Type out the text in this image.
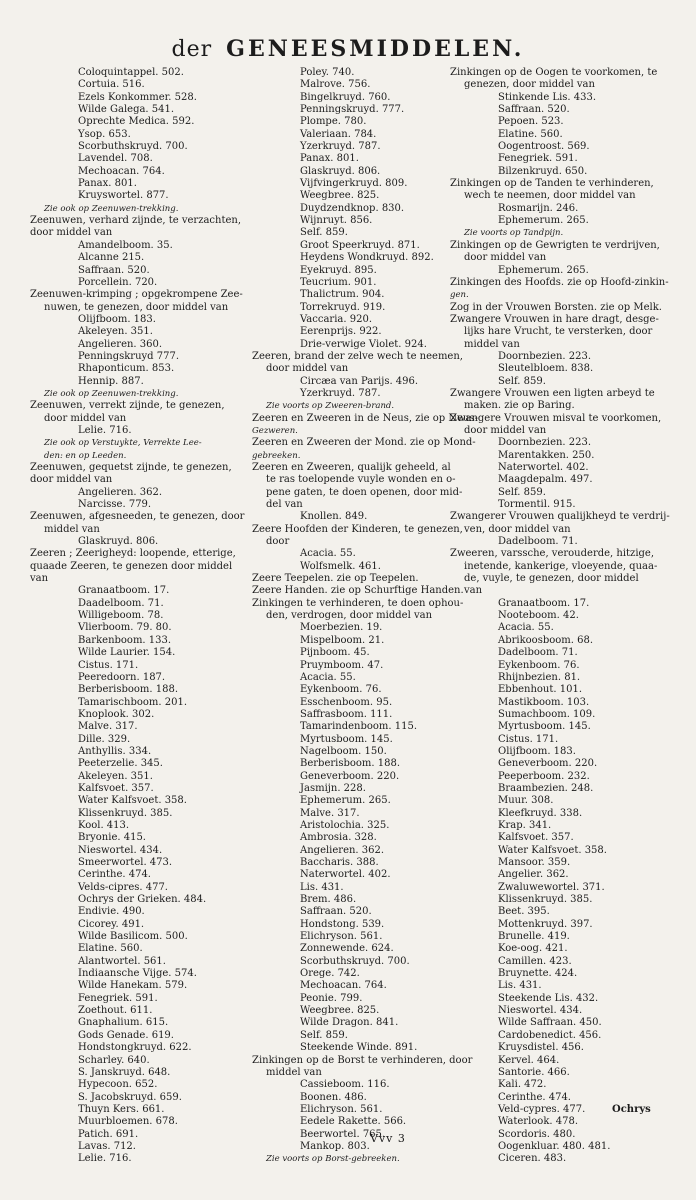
der GENEESMIDDELEN.
Coloquintappel. 502.
Cortuia. 516.
Ezels Konkommer. 528.
Wilde Galega. 541.
Oprechte Medica. 592.
Ysop. 653.
Scorbuthskruyd. 700.
Lavendel. 708.
Mechoacan. 764.
Panax. 801.
Kruyswortel. 877.
Zie ook op Zeenuwen-trekking.
Zeenuwen, verhard zijnde, te verzachten,
door middel van
Amandelboom. 35.
Alcanne 215.
Saffraan. 520.
Porcellein. 720.
Zeenuwen-krimping ; opgekrompene Zee-
nuwen, te genezen, door middel van
Olijfboom. 183.
Akeleyen. 351.
Angelieren. 360.
Penningskruyd 777.
Rhaponticum. 853.
Hennip. 887.
Zie ook op Zeenuwen-trekking.
Zeenuwen, verrekt zijnde, te genezen,
door middel van
Lelie. 716.
Zie ook op Verstuykte, Verrekte Lee-
den: en op Leeden.
Zeenuwen, gequetst zijnde, te genezen,
door middel van
Angelieren. 362.
Narcisse. 779.
Zeenuwen, afgesneeden, te genezen, door
middel van
Glaskruyd. 806.
Zeeren ; Zeerigheyd: loopende, etterige,
quaade Zeeren, te genezen door middel
van
Granaatboom. 17.
Daadelboom. 71.
Willigeboom. 78.
Vlierboom. 79. 80.
Barkenboom. 133.
Wilde Laurier. 154.
Cistus. 171.
Peeredoorn. 187.
Berberisboom. 188.
Tamarischboom. 201.
Knoplook. 302.
Malve. 317.
Dille. 329.
Anthyllis. 334.
Peeterzelie. 345.
Akeleyen. 351.
Kalfsvoet. 357.
Water Kalfsvoet. 358.
Klissenkruyd. 385.
Kool. 413.
Bryonie. 415.
Nieswortel. 434.
Smeerwortel. 473.
Cerinthe. 474.
Velds-cipres. 477.
Ochrys der Grieken. 484.
Endivie. 490.
Cicorey. 491.
Wilde Basilicom. 500.
Elatine. 560.
Alantwortel. 561.
Indiaansche Vijge. 574.
Wilde Hanekam. 579.
Fenegriek. 591.
Zoethout. 611.
Gnaphalium. 615.
Gods Genade. 619.
Hondstongkruyd. 622.
Scharley. 640.
S. Janskruyd. 648.
Hypecoon. 652.
S. Jacobskruyd. 659.
Thuyn Kers. 661.
Muurbloemen. 678.
Patich. 691.
Lavas. 712.
Lelie. 716.
Poley. 740.
Malrove. 756.
Bingelkruyd. 760.
Penningskruyd. 777.
Plompe. 780.
Valeriaan. 784.
Yzerkruyd. 787.
Panax. 801.
Glaskruyd. 806.
Vijfvingerkruyd. 809.
Weegbree. 825.
Duydzendknop. 830.
Wijnruyt. 856.
Self. 859.
Groot Speerkruyd. 871.
Heydens Wondkruyd. 892.
Eyekruyd. 895.
Teucrium. 901.
Thalictrum. 904.
Torrekruyd. 919.
Vaccaria. 920.
Eerenprijs. 922.
Drie-verwige Violet. 924.
Zeeren, brand der zelve wech te neemen,
door middel van
Circæa van Parijs. 496.
Yzerkruyd. 787.
Zie voorts op Zweeren-brand.
Zeeren en Zweeren in de Neus, zie op Neus-
Gezweren.
Zeeren en Zweeren der Mond. zie op Mond-
gebreeken.
Zeeren en Zweeren, qualijk geheeld, al
te ras toelopende vuyle wonden en o-
pene gaten, te doen openen, door mid-
del van
Knollen. 849.
Zeere Hoofden der Kinderen, te genezen,
door
Acacia. 55.
Wolfsmelk. 461.
Zeere Teepelen. zie op Teepelen.
Zeere Handen. zie op Schurftige Handen.
Zinkingen te verhinderen, te doen ophou-
den, verdrogen, door middel van
Moerbezien. 19.
Mispelboom. 21.
Pijnboom. 45.
Pruymboom. 47.
Acacia. 55.
Eykenboom. 76.
Esschenboom. 95.
Saffrasboom. 111.
Tamarindenboom. 115.
Myrtusboom. 145.
Nagelboom. 150.
Berberisboom. 188.
Geneverboom. 220.
Jasmijn. 228.
Ephemerum. 265.
Malve. 317.
Aristolochia. 325.
Ambrosia. 328.
Angelieren. 362.
Baccharis. 388.
Naterwortel. 402.
Lis. 431.
Brem. 486.
Saffraan. 520.
Hondstong. 539.
Elichryson. 561.
Zonnewende. 624.
Scorbuthskruyd. 700.
Orege. 742.
Mechoacan. 764.
Peonie. 799.
Weegbree. 825.
Wilde Dragon. 841.
Self. 859.
Steekende Winde. 891.
Zinkingen op de Borst te verhinderen, door
middel van
Cassieboom. 116.
Boonen. 486.
Elichryson. 561.
Eedele Rakette. 566.
Beerwortel. 765.
Mankop. 803.
Zie voorts op Borst-gebreeken.
Zinkingen op de Oogen te voorkomen, te
genezen, door middel van
Stinkende Lis. 433.
Saffraan. 520.
Pepoen. 523.
Elatine. 560.
Oogentroost. 569.
Fenegriek. 591.
Bilzenkruyd. 650.
Zinkingen op de Tanden te verhinderen,
wech te neemen, door middel van
Rosmarijn. 246.
Ephemerum. 265.
Zie voorts op Tandpijn.
Zinkingen op de Gewrigten te verdrijven,
door middel van
Ephemerum. 265.
Zinkingen des Hoofds. zie op Hoofd-zinkin-
gen.
Zog in der Vrouwen Borsten. zie op Melk.
Zwangere Vrouwen in hare dragt, desge-
lijks hare Vrucht, te versterken, door
middel van
Doornbezien. 223.
Sleutelbloem. 838.
Self. 859.
Zwangere Vrouwen een ligten arbeyd te
maken. zie op Baring.
Zwangere Vrouwen misval te voorkomen,
door middel van
Doornbezien. 223.
Marentakken. 250.
Naterwortel. 402.
Maagdepalm. 497.
Self. 859.
Tormentil. 915.
Zwangerer Vrouwen qualijkheyd te verdrij-
ven, door middel van
Dadelboom. 71.
Zweeren, varssche, verouderde, hitzige,
inetende, kankerige, vloeyende, quaa-
de, vuyle, te genezen, door middel
van
Granaatboom. 17.
Nooteboom. 42.
Acacia. 55.
Abrikoosboom. 68.
Dadelboom. 71.
Eykenboom. 76.
Rhijnbezien. 81.
Ebbenhout. 101.
Mastikboom. 103.
Sumachboom. 109.
Myrtusboom. 145.
Cistus. 171.
Olijfboom. 183.
Geneverboom. 220.
Peeperboom. 232.
Braambezien. 248.
Muur. 308.
Kleefkruyd. 338.
Krap. 341.
Kalfsvoet. 357.
Water Kalfsvoet. 358.
Mansoor. 359.
Angelier. 362.
Zwaluwewortel. 371.
Klissenkruyd. 385.
Beet. 395.
Mottenkruyd. 397.
Brunelle. 419.
Koe-oog. 421.
Camillen. 423.
Bruynette. 424.
Lis. 431.
Steekende Lis. 432.
Nieswortel. 434.
Wilde Saffraan. 450.
Cardobenedict. 456.
Kruysdistel. 456.
Kervel. 464.
Santorie. 466.
Kali. 472.
Cerinthe. 474.
Veld-cypres. 477.
Waterlook. 478.
Scordoris. 480.
Oogenkluar. 480. 481.
Ciceren. 483.
Ochrys
Vvv 3
